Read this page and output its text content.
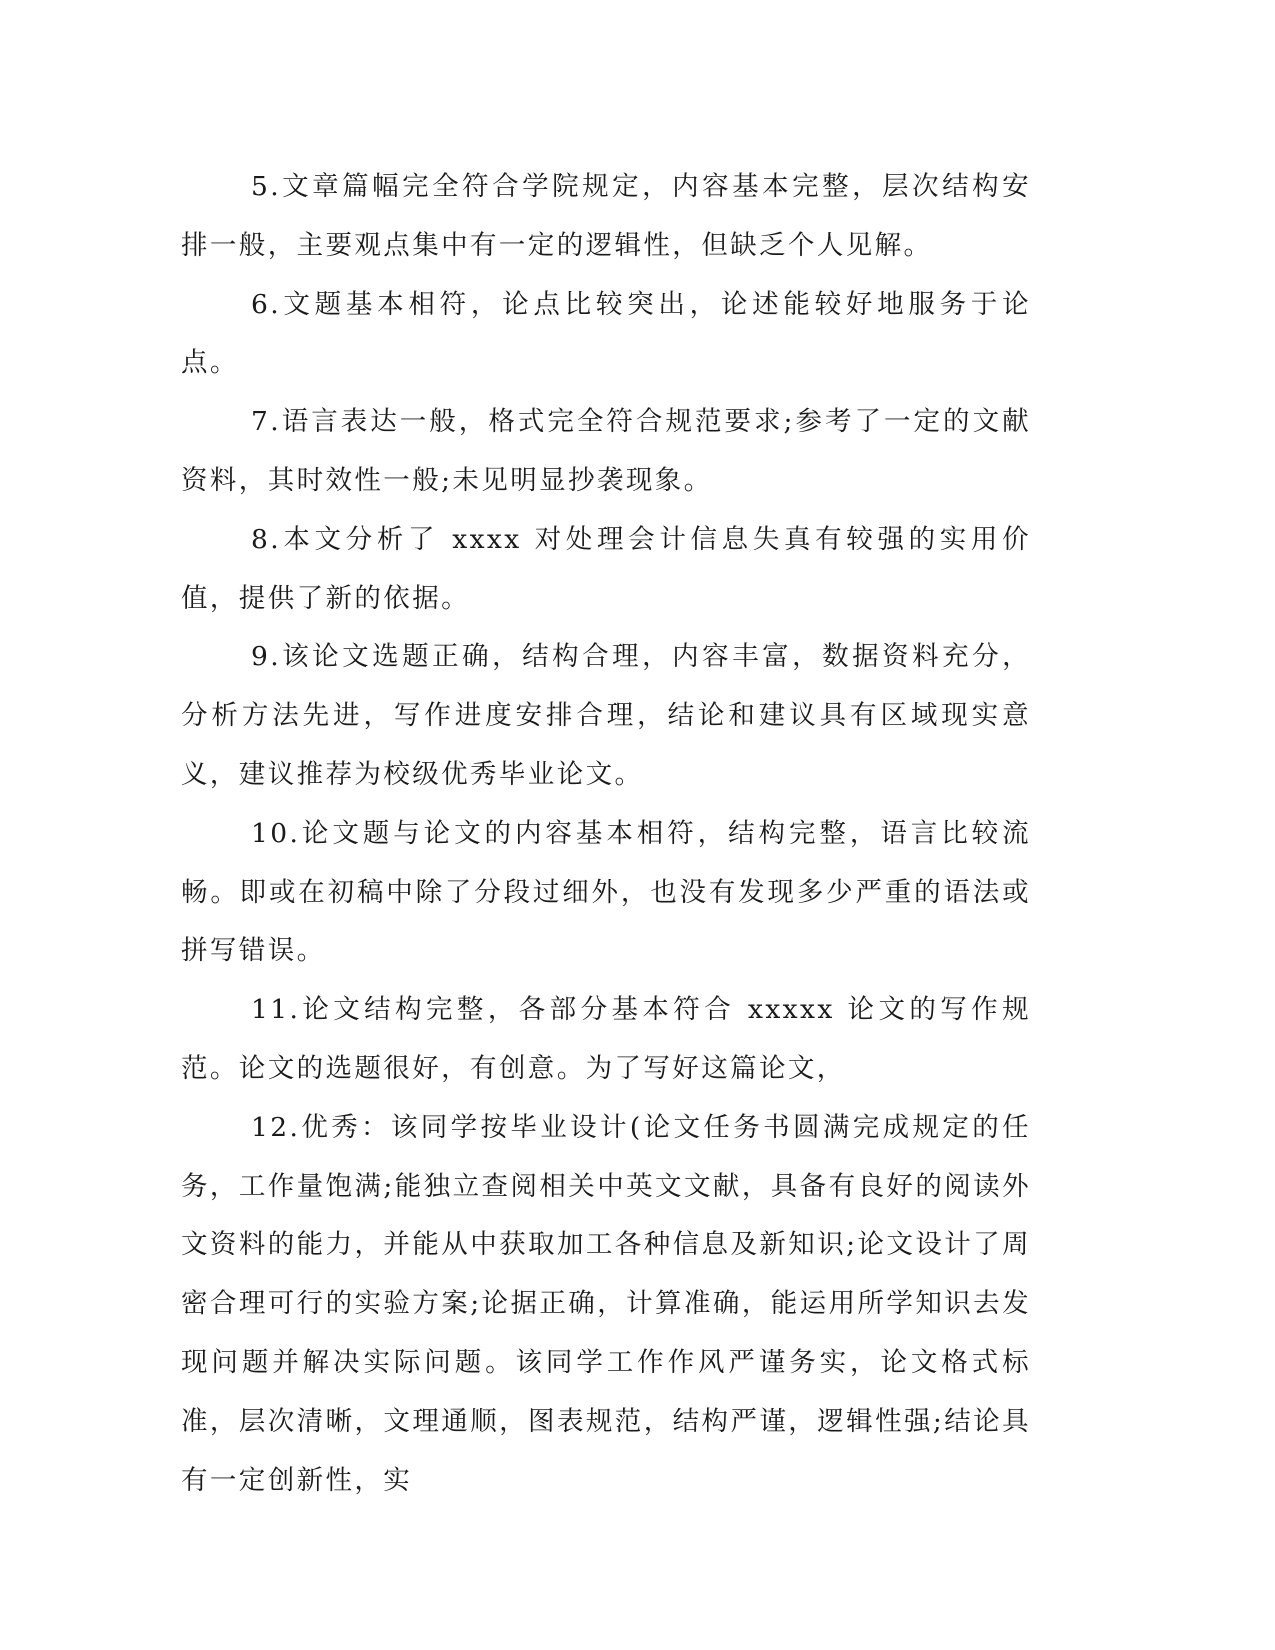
5.文章篇幅完全符合学院规定，内容基本完整，层次结构安排一般，主要观点集中有一定的逻辑性，但缺乏个人见解。

6.文题基本相符，论点比较突出，论述能较好地服务于论点。

7.语言表达一般，格式完全符合规范要求;参考了一定的文献资料，其时效性一般;未见明显抄袭现象。

8.本文分析了 xxxx 对处理会计信息失真有较强的实用价值，提供了新的依据。

9.该论文选题正确，结构合理，内容丰富，数据资料充分，分析方法先进，写作进度安排合理，结论和建议具有区域现实意义，建议推荐为校级优秀毕业论文。

10.论文题与论文的内容基本相符，结构完整，语言比较流畅。即或在初稿中除了分段过细外，也没有发现多少严重的语法或拼写错误。

11.论文结构完整，各部分基本符合 xxxxx 论文的写作规范。论文的选题很好，有创意。为了写好这篇论文，

12.优秀：该同学按毕业设计(论文任务书圆满完成规定的任务，工作量饱满;能独立查阅相关中英文文献，具备有良好的阅读外文资料的能力，并能从中获取加工各种信息及新知识;论文设计了周密合理可行的实验方案;论据正确，计算准确，能运用所学知识去发现问题并解决实际问题。该同学工作作风严谨务实，论文格式标准，层次清晰，文理通顺，图表规范，结构严谨，逻辑性强;结论具有一定创新性，实
